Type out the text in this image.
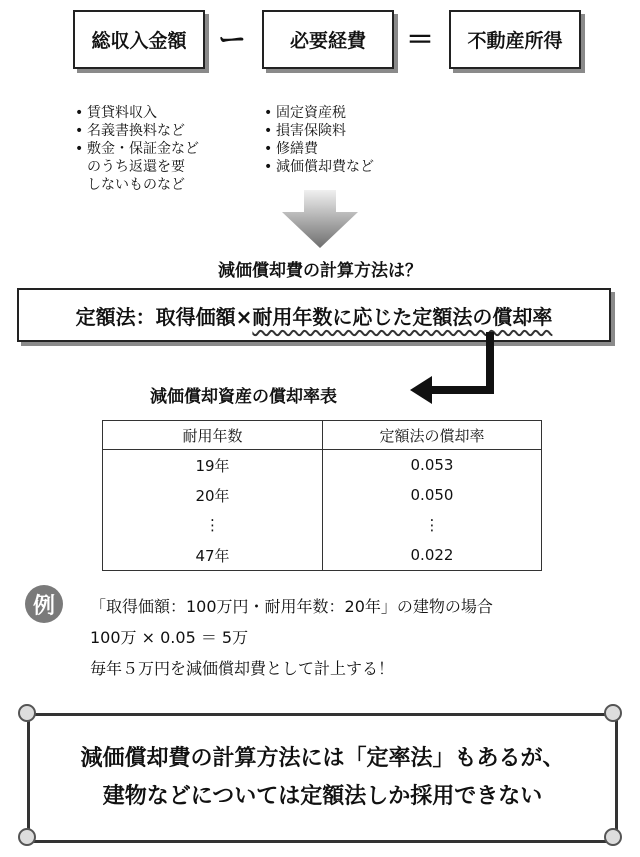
総収入金額 ー 必要経費 ＝ 不動産所得
• 賃貸料収入
• 名義書換料など
• 敷金・保証金など
のうち返還を要
しないものなど
• 固定資産税
• 損害保険料
• 修繕費
• 減価償却費など
減価償却費の計算方法は？
定額法：取得価額× 耐用年数に応じた定額法の償却率
減価償却資産の償却率表
耐用年数	定額法の償却率
19年	0.053
20年	0.050
⋮	⋮
47年	0.022
例	「取得価額：100万円・耐用年数：20年」の建物の場合
100万 × 0.05 ＝ 5万
毎年５万円を減価償却費として計上する！
減価償却費の計算方法には「定率法」もあるが、
建物などについては定額法しか採用できない
